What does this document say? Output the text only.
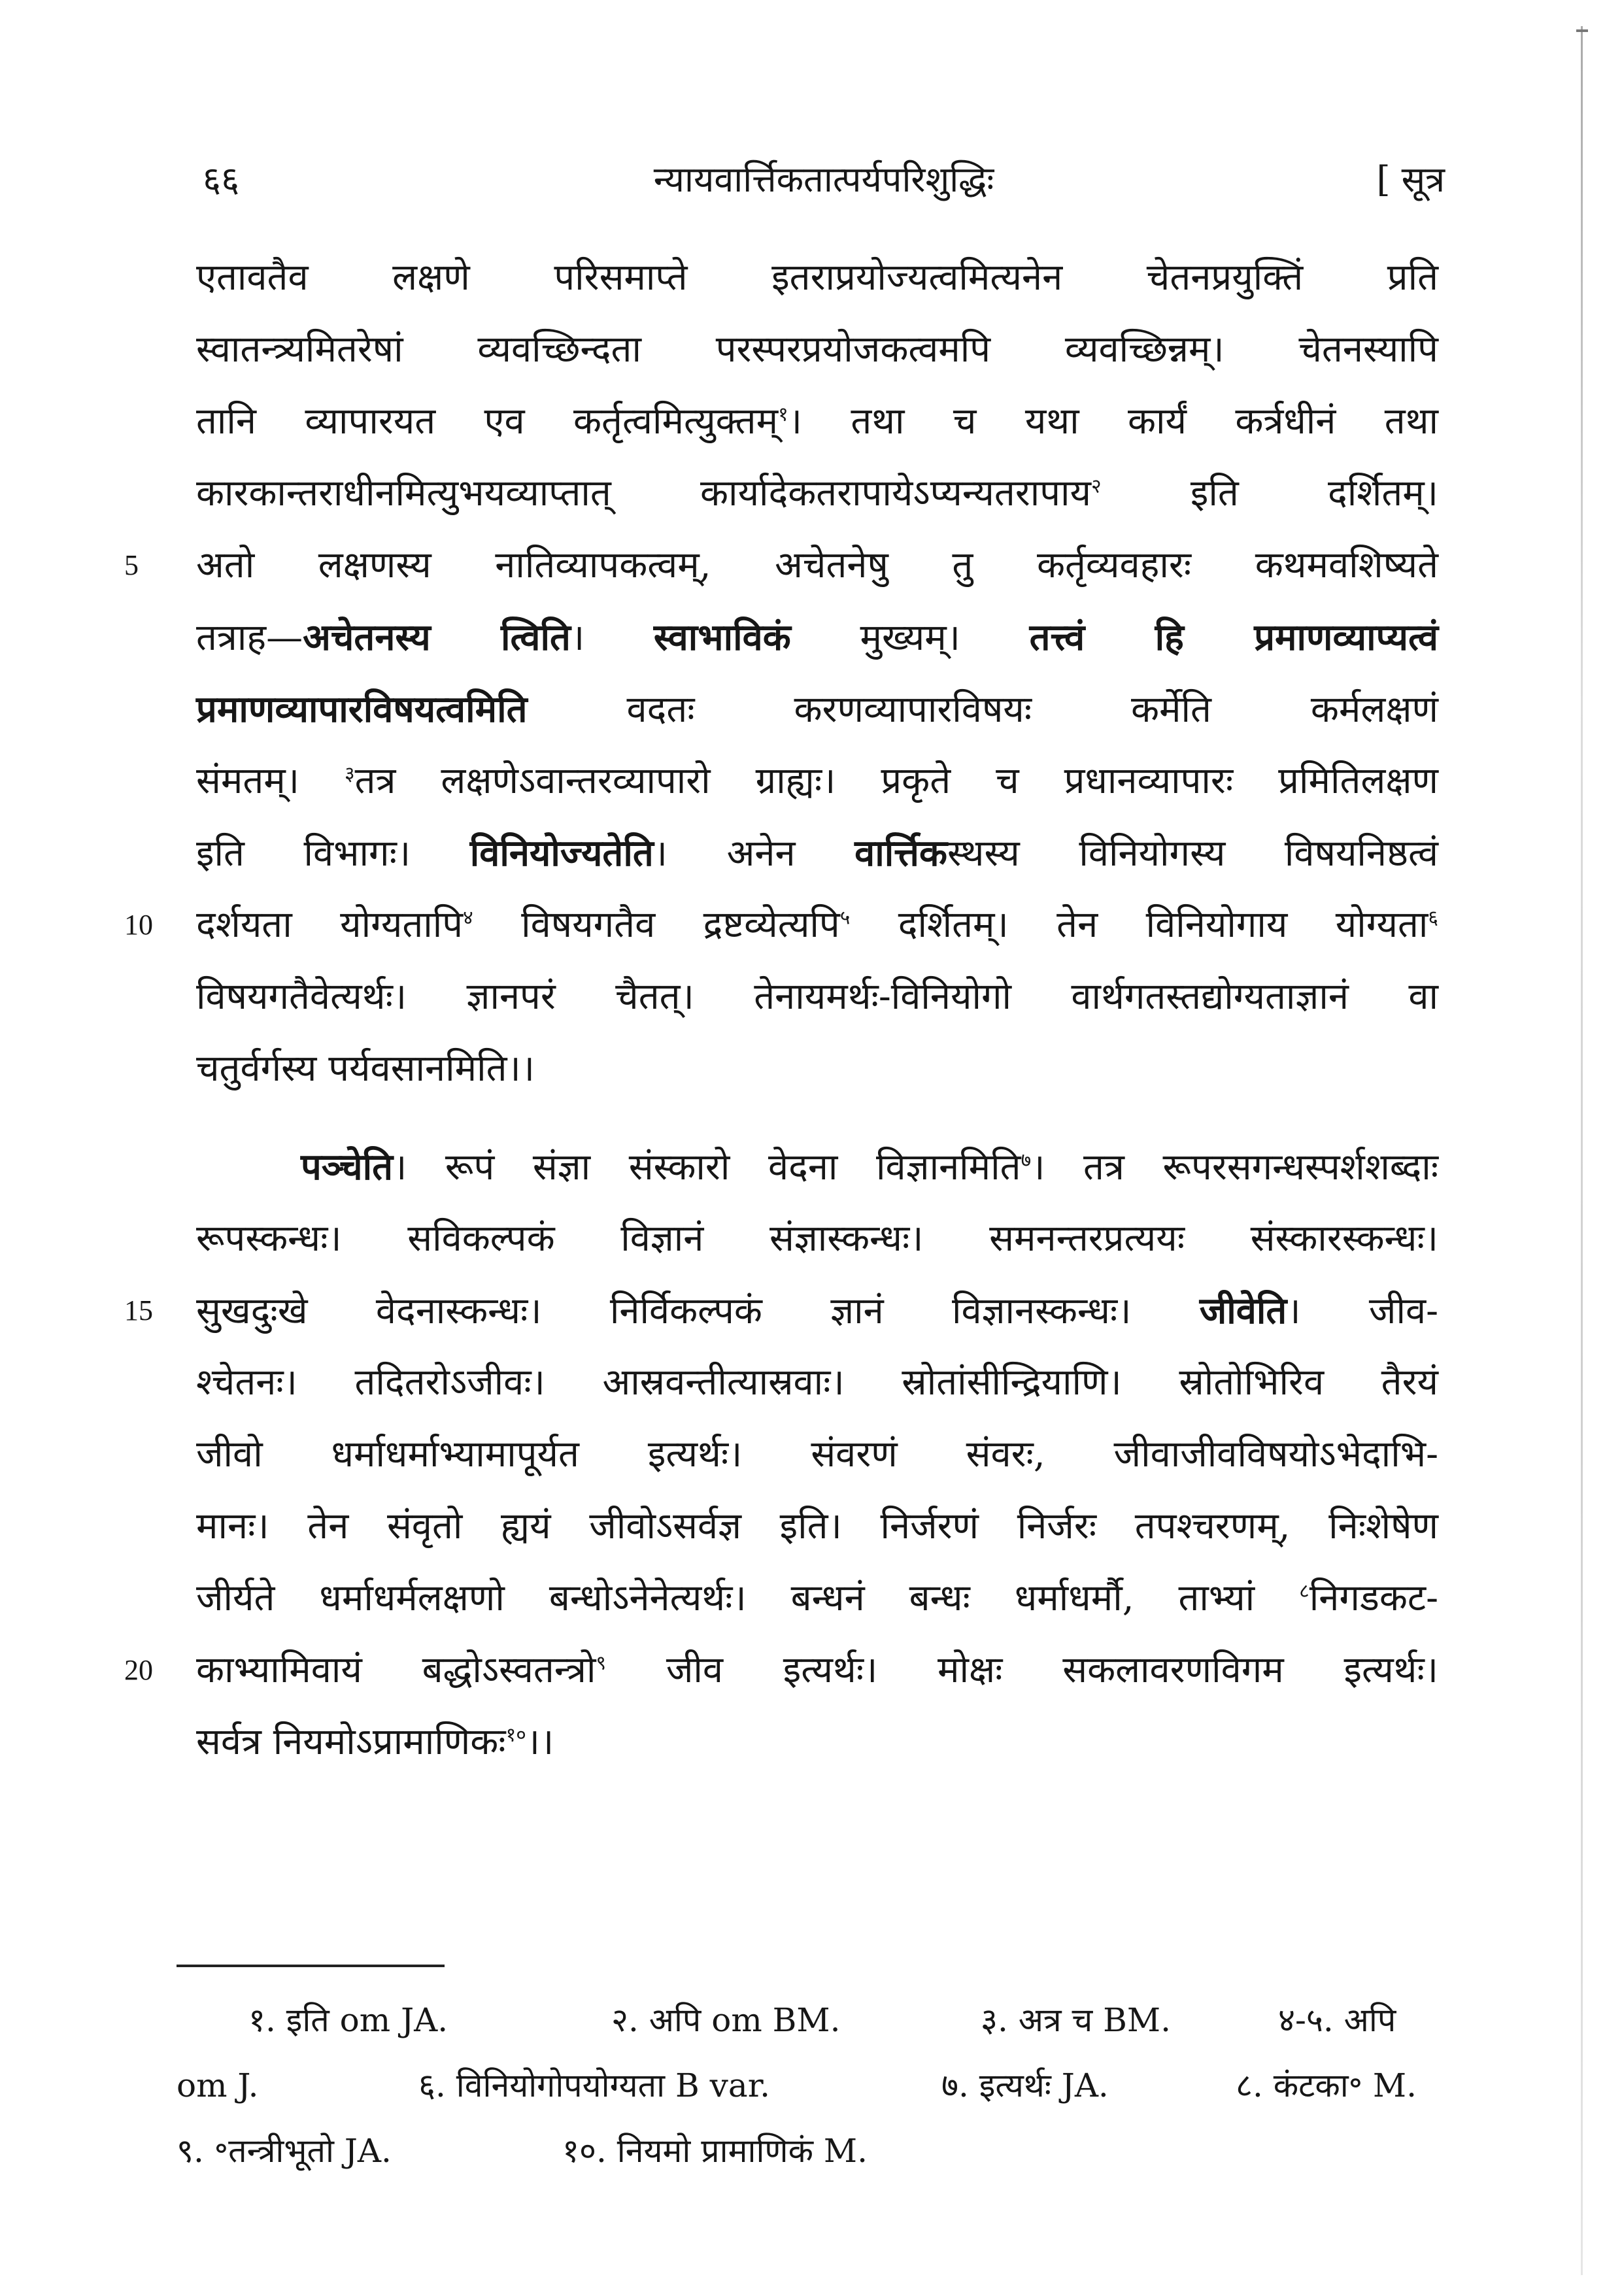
६६	न्यायवार्त्तिकतात्पर्यपरिशुद्धिः	[ सूत्र
एतावतैव लक्षणे परिसमाप्ते इतराप्रयोज्यत्वमित्यनेन चेतनप्रयुक्तिं प्रति
स्वातन्त्र्यमितरेषां व्यवच्छिन्दता परस्परप्रयोजकत्वमपि व्यवच्छिन्नम्। चेतनस्यापि
तानि व्यापारयत एव कर्तृत्वमित्युक्तम्$^१$। तथा च यथा कार्यं कर्त्रधीनं तथा
कारकान्तराधीनमित्युभयव्याप्तात् कार्यादेकतरापायेऽप्यन्यतरापाय$^२$ इति दर्शितम्।
5	अतो लक्षणस्य नातिव्यापकत्वम्, अचेतनेषु तु कर्तृव्यवहारः कथमवशिष्यते
तत्राह—अचेतनस्य त्विति। स्वाभाविकं मुख्यम्। तत्त्वं हि प्रमाणव्याप्यत्वं
प्रमाणव्यापारविषयत्वमिति वदतः करणव्यापारविषयः कर्मेति कर्मलक्षणं
संमतम्। $^३$तत्र लक्षणेऽवान्तरव्यापारो ग्राह्यः। प्रकृते च प्रधानव्यापारः प्रमितिलक्षण
इति विभागः। विनियोज्यतेति। अनेन वार्त्तिकस्थस्य विनियोगस्य विषयनिष्ठत्वं
10	दर्शयता योग्यतापि$^४$ विषयगतैव द्रष्टव्येत्यपि$^५$ दर्शितम्। तेन विनियोगाय योग्यता$^६$
विषयगतैवेत्यर्थः। ज्ञानपरं चैतत्। तेनायमर्थः-विनियोगो वार्थगतस्तद्योग्यताज्ञानं वा
चतुर्वर्गस्य पर्यवसानमिति।।
पञ्चेति। रूपं संज्ञा संस्कारो वेदना विज्ञानमिति$^७$। तत्र रूपरसगन्धस्पर्शशब्दाः
रूपस्कन्धः। सविकल्पकं विज्ञानं संज्ञास्कन्धः। समनन्तरप्रत्ययः संस्कारस्कन्धः।
15	सुखदुःखे वेदनास्कन्धः। निर्विकल्पकं ज्ञानं विज्ञानस्कन्धः। जीवेति। जीव-
श्चेतनः। तदितरोऽजीवः। आस्रवन्तीत्यास्रवाः। स्रोतांसीन्द्रियाणि। स्रोतोभिरिव तैरयं
जीवो धर्माधर्माभ्यामापूर्यत इत्यर्थः। संवरणं संवरः, जीवाजीवविषयोऽभेदाभि-
मानः। तेन संवृतो ह्ययं जीवोऽसर्वज्ञ इति। निर्जरणं निर्जरः तपश्चरणम्, निःशेषेण
जीर्यते धर्माधर्मलक्षणो बन्धोऽनेनेत्यर्थः। बन्धनं बन्धः धर्माधर्मौ, ताभ्यां $^८$निगडकट-
20	काभ्यामिवायं बद्धोऽस्वतन्त्रो$^९$ जीव इत्यर्थः। मोक्षः सकलावरणविगम इत्यर्थः।
सर्वत्र नियमोऽप्रामाणिकः$^{१०}$।।
१. इति om JA.	२. अपि om BM.	३. अत्र च BM.	४-५. अपि
om J.	६. विनियोगोपयोग्यता B var.	७. इत्यर्थः JA.	८. कंटका॰ M.
९. ॰तन्त्रीभूतो JA.	१०. नियमो प्रामाणिकं M.
